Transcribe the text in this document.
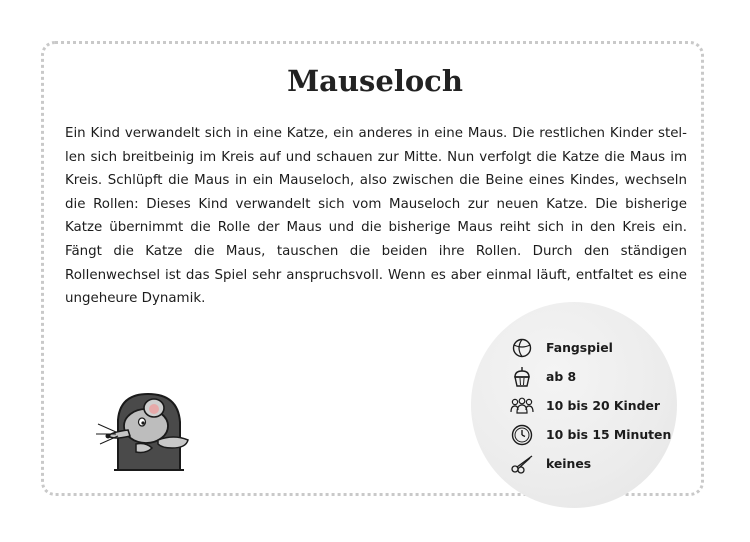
Mauseloch

Ein Kind verwandelt sich in eine Katze, ein anderes in eine Maus. Die restlichen Kinder stellen sich breitbeinig im Kreis auf und schauen zur Mitte. Nun verfolgt die Katze die Maus im Kreis. Schlüpft die Maus in ein Mauseloch, also zwischen die Beine eines Kindes, wechseln die Rollen: Dieses Kind verwandelt sich vom Mauseloch zur neuen Katze. Die bisherige Katze übernimmt die Rolle der Maus und die bisherige Maus reiht sich in den Kreis ein. Fängt die Katze die Maus, tauschen die beiden ihre Rollen. Durch den ständigen Rollenwechsel ist das Spiel sehr anspruchsvoll. Wenn es aber einmal läuft, entfaltet es eine ungeheure Dynamik.

Fangspiel
ab 8
10 bis 20 Kinder
10 bis 15 Minuten
keines
